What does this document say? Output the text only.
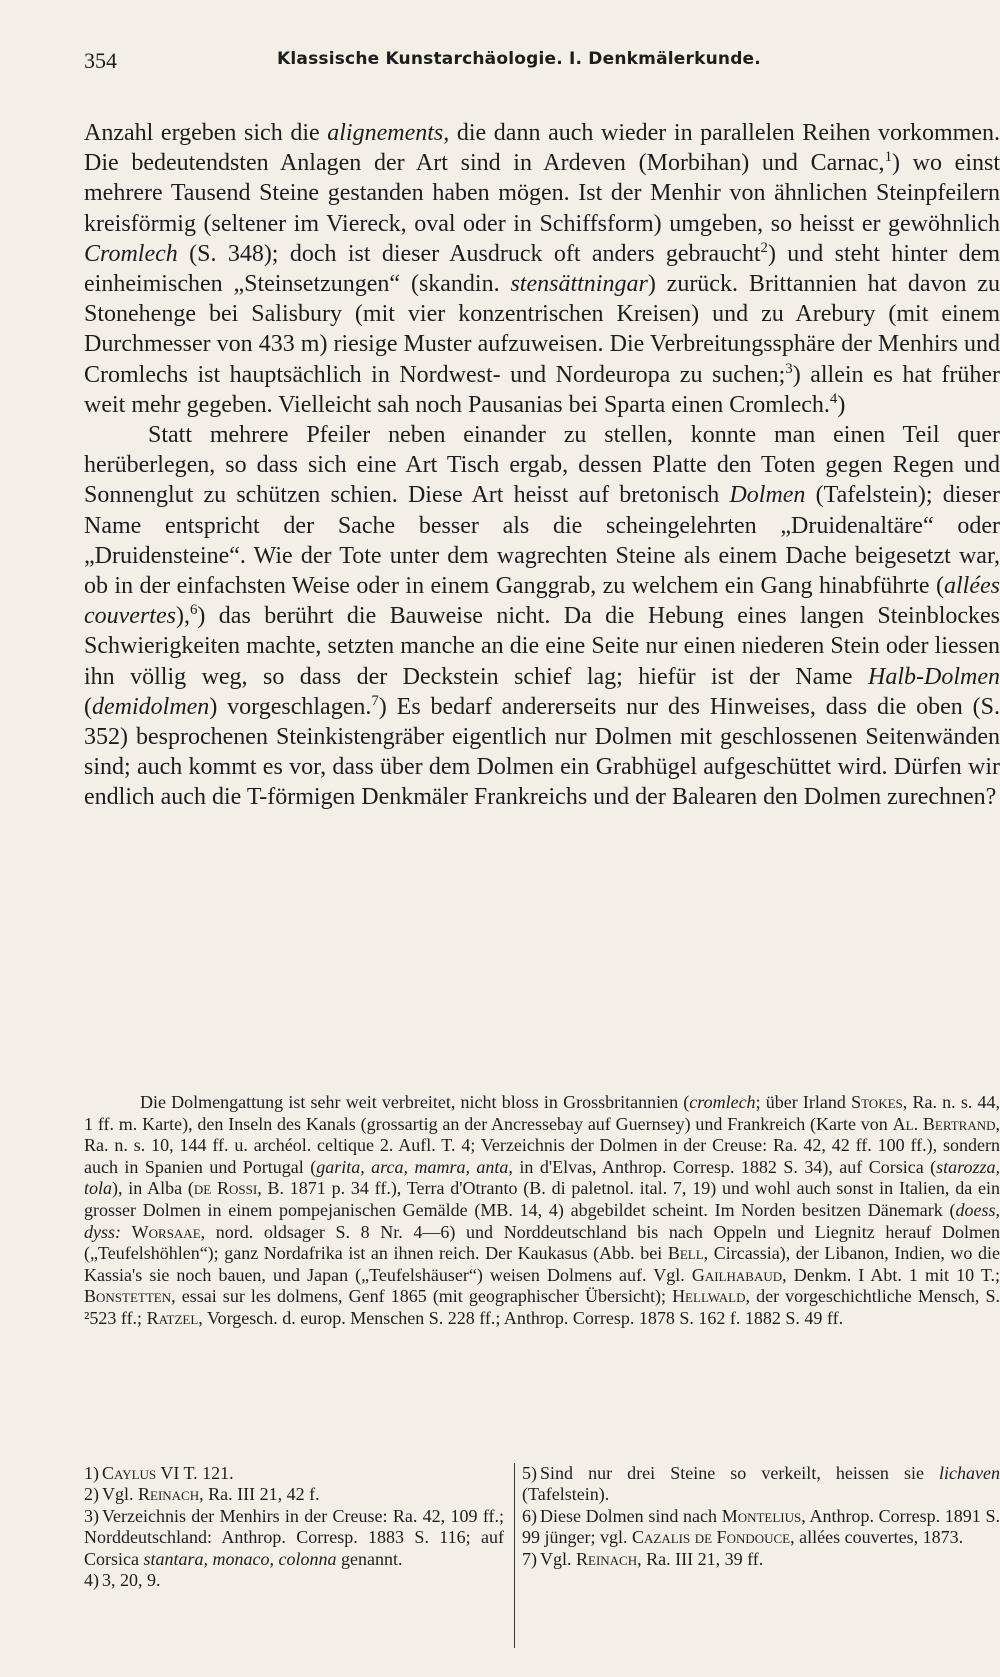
354	Klassische Kunstarchäologie. I. Denkmälerkunde.

Anzahl ergeben sich die alignements, die dann auch wieder in parallelen Reihen vorkommen. Die bedeutendsten Anlagen der Art sind in Ardeven (Morbihan) und Carnac,$^1$) wo einst mehrere Tausend Steine gestanden haben mögen. Ist der Menhir von ähnlichen Steinpfeilern kreisförmig (seltener im Viereck, oval oder in Schiffsform) umgeben, so heisst er gewöhnlich Cromlech (S. 348); doch ist dieser Ausdruck oft anders gebraucht$^2$) und steht hinter dem einheimischen „Steinsetzungen“ (skandin. stensättningar) zurück. Brittannien hat davon zu Stonehenge bei Salisbury (mit vier konzentrischen Kreisen) und zu Arebury (mit einem Durchmesser von 433 m) riesige Muster aufzuweisen. Die Verbreitungssphäre der Menhirs und Cromlechs ist hauptsächlich in Nordwest- und Nordeuropa zu suchen;$^3$) allein es hat früher weit mehr gegeben. Vielleicht sah noch Pausanias bei Sparta einen Cromlech.$^4$)

Statt mehrere Pfeiler neben einander zu stellen, konnte man einen Teil quer herüberlegen, so dass sich eine Art Tisch ergab, dessen Platte den Toten gegen Regen und Sonnenglut zu schützen schien. Diese Art heisst auf bretonisch Dolmen (Tafelstein); dieser Name entspricht der Sache besser als die scheingelehrten „Druidenaltäre“ oder „Druidensteine“. Wie der Tote unter dem wagrechten Steine als einem Dache beigesetzt war, ob in der einfachsten Weise oder in einem Ganggrab, zu welchem ein Gang hinabführte (allées couvertes),$^6$) das berührt die Bauweise nicht. Da die Hebung eines langen Steinblockes Schwierigkeiten machte, setzten manche an die eine Seite nur einen niederen Stein oder liessen ihn völlig weg, so dass der Deckstein schief lag; hiefür ist der Name Halb-Dolmen (demidolmen) vorgeschlagen.$^7$) Es bedarf andererseits nur des Hinweises, dass die oben (S. 352) besprochenen Steinkistengräber eigentlich nur Dolmen mit geschlossenen Seitenwänden sind; auch kommt es vor, dass über dem Dolmen ein Grabhügel aufgeschüttet wird. Dürfen wir endlich auch die T-förmigen Denkmäler Frankreichs und der Balearen den Dolmen zurechnen?

Die Dolmengattung ist sehr weit verbreitet, nicht bloss in Grossbritannien (cromlech; über Irland Stokes, Ra. n. s. 44, 1 ff. m. Karte), den Inseln des Kanals (grossartig an der Ancressebay auf Guernsey) und Frankreich (Karte von Al. Bertrand, Ra. n. s. 10, 144 ff. u. archéol. celtique 2. Aufl. T. 4; Verzeichnis der Dolmen in der Creuse: Ra. 42, 42 ff. 100 ff.), sondern auch in Spanien und Portugal (garita, arca, mamra, anta, in d'Elvas, Anthrop. Corresp. 1882 S. 34), auf Corsica (starozza, tola), in Alba (de Rossi, B. 1871 p. 34 ff.), Terra d'Otranto (B. di paletnol. ital. 7, 19) und wohl auch sonst in Italien, da ein grosser Dolmen in einem pompejanischen Gemälde (MB. 14, 4) abgebildet scheint. Im Norden besitzen Dänemark (doess, dyss: Worsaae, nord. oldsager S. 8 Nr. 4—6) und Norddeutschland bis nach Oppeln und Liegnitz herauf Dolmen („Teufelshöhlen“); ganz Nordafrika ist an ihnen reich. Der Kaukasus (Abb. bei Bell, Circassia), der Libanon, Indien, wo die Kassia's sie noch bauen, und Japan („Teufelshäuser“) weisen Dolmens auf. Vgl. Gailhabaud, Denkm. I Abt. 1 mit 10 T.; Bonstetten, essai sur les dolmens, Genf 1865 (mit geographischer Übersicht); Hellwald, der vorgeschichtliche Mensch, S. ²523 ff.; Ratzel, Vorgesch. d. europ. Menschen S. 228 ff.; Anthrop. Corresp. 1878 S. 162 f. 1882 S. 49 ff.

1) Caylus VI T. 121.

2) Vgl. Reinach, Ra. III 21, 42 f.

3) Verzeichnis der Menhirs in der Creuse: Ra. 42, 109 ff.; Norddeutschland: Anthrop. Corresp. 1883 S. 116; auf Corsica stantara, monaco, colonna genannt.

4) 3, 20, 9.

5) Sind nur drei Steine so verkeilt, heissen sie lichaven (Tafelstein).

6) Diese Dolmen sind nach Montelius, Anthrop. Corresp. 1891 S. 99 jünger; vgl. Cazalis de Fondouce, allées couvertes, 1873.

7) Vgl. Reinach, Ra. III 21, 39 ff.
